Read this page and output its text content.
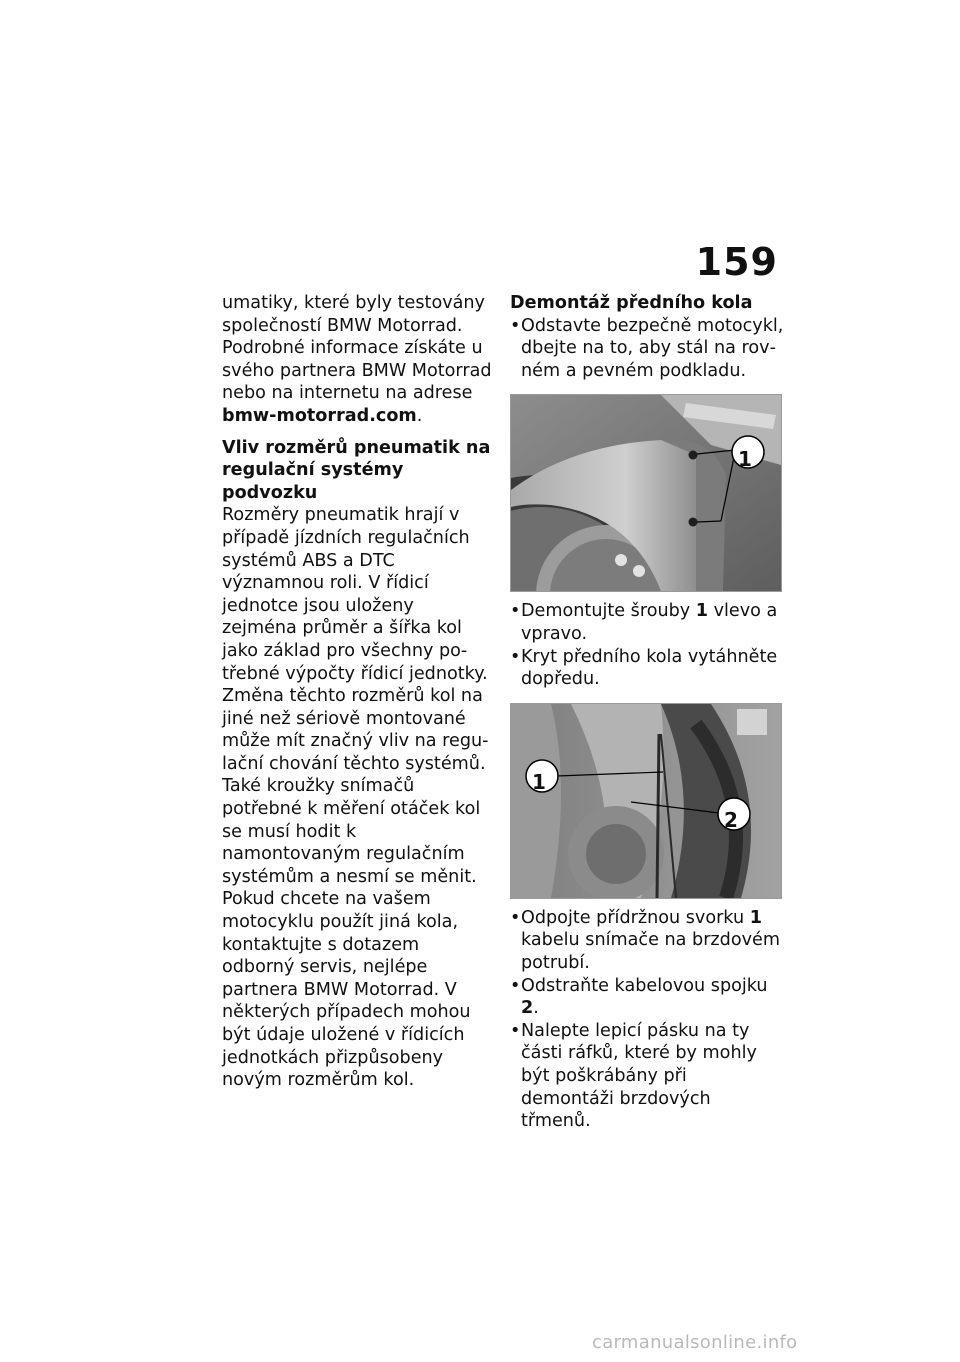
159

umatiky, které byly testovány společností BMW Motorrad. Podrobné informace získáte u svého partnera BMW Motorrad nebo na internetu na adrese bmw-motorrad.com.

Vliv rozměrů pneumatik na regulační systémy podvozku

Rozměry pneumatik hrají v případě jízdních regulačních systémů ABS a DTC významnou roli. V řídicí jednotce jsou uloženy zejména průměr a šířka kol jako základ pro všechny potřebné výpočty řídicí jednotky. Změna těchto rozměrů kol na jiné než sériově montované může mít značný vliv na regulační chování těchto systémů. Také kroužky snímačů potřebné k měření otáček kol se musí hodit k namontovaným regulačním systémům a nesmí se měnit.

Pokud chcete na vašem motocyklu použít jiná kola, kontaktujte s dotazem odborný servis, nejlépe partnera BMW Motorrad. V některých případech mohou být údaje uložené v řídicích jednotkách přizpůsobeny novým rozměrům kol.

Demontáž předního kola

• Odstavte bezpečně motocykl, dbejte na to, aby stál na rovném a pevném podkladu.
1
• Demontujte šrouby 1 vlevo a vpravo.
• Kryt předního kola vytáhněte dopředu.
1
2
• Odpojte přídržnou svorku 1 kabelu snímače na brzdovém potrubí.
• Odstraňte kabelovou spojku 2.
• Nalepte lepicí pásku na ty části ráfků, které by mohly být poškrábány při demontáži brzdových třmenů.
carmanualsonline.info
